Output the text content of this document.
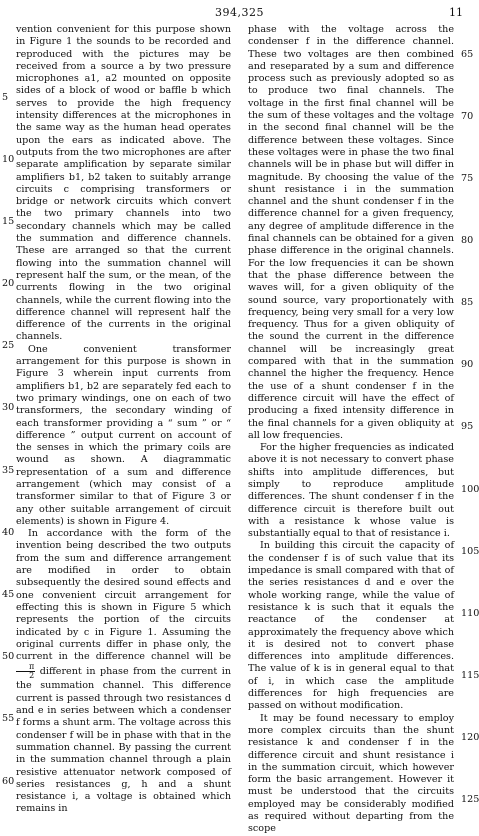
394,325	11

vention convenient for this purpose shown in Figure 1 the sounds to be recorded and reproduced with the pictures may be received from a source a by two pressure microphones a1, a2 mounted on opposite sides of a block of wood or baffle b which serves to provide the high frequency intensity differences at the microphones in the same way as the human head operates upon the ears as indicated above. The outputs from the two microphones are after separate amplification by separate similar amplifiers b1, b2 taken to suitably arrange circuits c comprising transformers or bridge or network circuits which convert the two primary channels into two secondary channels which may be called the summation and difference channels. These are arranged so that the current flowing into the summation channel will represent half the sum, or the mean, of the currents flowing in the two original channels, while the current flowing into the difference channel will represent half the difference of the currents in the original channels.

One convenient transformer arrangement for this purpose is shown in Figure 3 wherein input currents from amplifiers b1, b2 are separately fed each to two primary windings, one on each of two transformers, the secondary winding of each transformer providing a “ sum ” or “ difference ” output current on account of the senses in which the primary coils are wound as shown. A diagrammatic representation of a sum and difference arrangement (which may consist of a transformer similar to that of Figure 3 or any other suitable arrangement of circuit elements) is shown in Figure 4.

In accordance with the form of the invention being described the two outputs from the sum and difference arrangement are modified in order to obtain subsequently the desired sound effects and one convenient circuit arrangement for effecting this is shown in Figure 5 which represents the portion of the circuits indicated by c in Figure 1. Assuming the original currents differ in phase only, the current in the difference channel will be
$\frac{\pi}{2}$ different in phase from the current in the summation channel. This difference current is passed through two resistances d and e in series between which a condenser f forms a shunt arm. The voltage across this condenser f will be in phase with that in the summation channel. By passing the current in the summation channel through a plain resistive attenuator network composed of series resistances g, h and a shunt resistance i, a voltage is obtained which remains in

phase with the voltage across the condenser f in the difference channel. These two voltages are then combined and reseparated by a sum and difference process such as previously adopted so as to produce two final channels. The voltage in the first final channel will be the sum of these voltages and the voltage in the second final channel will be the difference between these voltages. Since these voltages were in phase the two final channels will be in phase but will differ in magnitude. By choosing the value of the shunt resistance i in the summation channel and the shunt condenser f in the difference channel for a given frequency, any degree of amplitude difference in the final channels can be obtained for a given phase difference in the original channels. For the low frequencies it can be shown that the phase difference between the waves will, for a given obliquity of the sound source, vary proportionately with frequency, being very small for a very low frequency. Thus for a given obliquity of the sound the current in the difference channel will be increasingly great compared with that in the summation channel the higher the frequency. Hence the use of a shunt condenser f in the difference circuit will have the effect of producing a fixed intensity difference in the final channels for a given obliquity at all low frequencies.

For the higher frequencies as indicated above it is not necessary to convert phase shifts into amplitude differences, but simply to reproduce amplitude differences. The shunt condenser f in the difference circuit is therefore built out with a resistance k whose value is substantially equal to that of resistance i.

In building this circuit the capacity of the condenser f is of such value that its impedance is small compared with that of the series resistances d and e over the whole working range, while the value of resistance k is such that it equals the reactance of the condenser at approximately the frequency above which it is desired not to convert phase differences into amplitude differences. The value of k is in general equal to that of i, in which case the amplitude differences for high frequencies are passed on without modification.

It may be found necessary to employ more complex circuits than the shunt resistance k and condenser f in the difference circuit and shunt resistance i in the summation circuit, which however form the basic arrangement. However it must be understood that the circuits employed may be considerably modified as required without departing from the scope

5
10
15
20
25
30
35
40
45
50
55
60
65
70
75
80
85
90
95
100
105
110
115
120
125
